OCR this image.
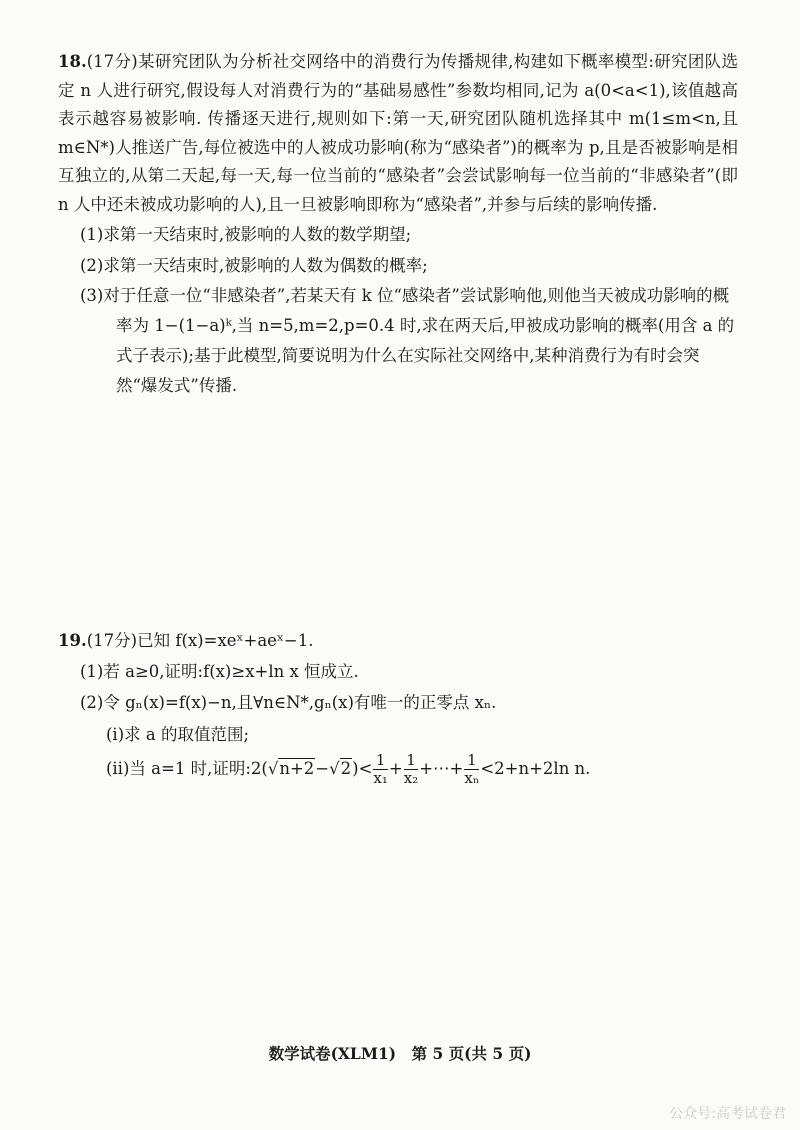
18.(17分)某研究团队为分析社交网络中的消费行为传播规律,构建如下概率模型:研究团队选定 n 人进行研究,假设每人对消费行为的“基础易感性”参数均相同,记为 a(0<a<1),该值越高表示越容易被影响. 传播逐天进行,规则如下:第一天,研究团队随机选择其中 m(1≤m<n,且 m∈N*)人推送广告,每位被选中的人被成功影响(称为“感染者”)的概率为 p,且是否被影响是相互独立的,从第二天起,每一天,每一位当前的“感染者”会尝试影响每一位当前的“非感染者”(即 n 人中还未被成功影响的人),且一旦被影响即称为“感染者”,并参与后续的影响传播.

(1)求第一天结束时,被影响的人数的数学期望;

(2)求第一天结束时,被影响的人数为偶数的概率;

(3)对于任意一位“非感染者”,若某天有 k 位“感染者”尝试影响他,则他当天被成功影响的概率为 1−(1−a)ᵏ,当 n=5,m=2,p=0.4 时,求在两天后,甲被成功影响的概率(用含 a 的式子表示);基于此模型,简要说明为什么在实际社交网络中,某种消费行为有时会突然“爆发式”传播.

19.(17分)已知 f(x)=xeˣ+aeˣ−1.

(1)若 a≥0,证明:f(x)≥x+ln x 恒成立.

(2)令 gₙ(x)=f(x)−n,且∀n∈N*,gₙ(x)有唯一的正零点 xₙ.

(ⅰ)求 a 的取值范围;

(ⅱ)当 a=1 时,证明:2(√n+2−√2)< $\frac{1}{\text{x₁}} + \frac{1}{\text{x₂}}$ +⋯+ $\frac{1}{\text{xₙ}} <2+n+2\ln$ n.

数学试卷(XLM1)　第 5 页(共 5 页)
公众号:高考试卷君
